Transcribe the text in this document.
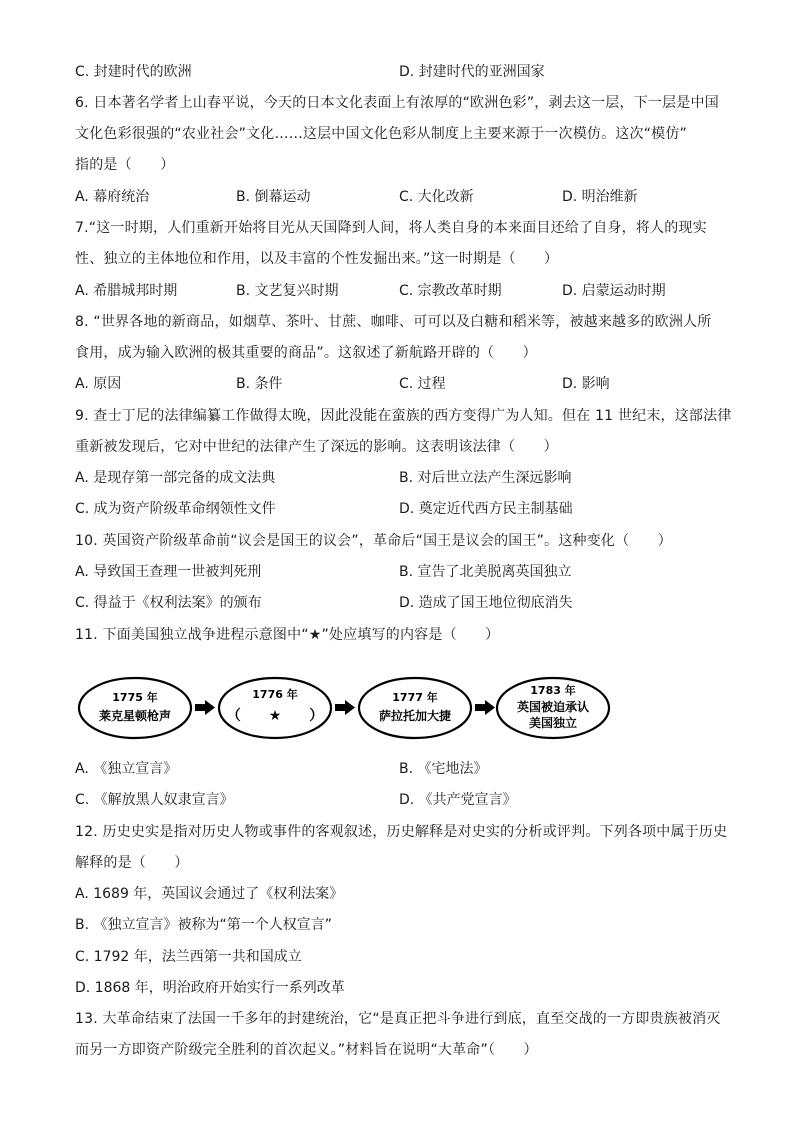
C. 封建时代的欧洲	D. 封建时代的亚洲国家
6. 日本著名学者上山春平说，今天的日本文化表面上有浓厚的“欧洲色彩”，剥去这一层，下一层是中国
文化色彩很强的“农业社会”文化……这层中国文化色彩从制度上主要来源于一次模仿。这次“模仿”
指的是（　　）
A. 幕府统治	B. 倒幕运动	C. 大化改新	D. 明治维新
7.“这一时期，人们重新开始将目光从天国降到人间，将人类自身的本来面目还给了自身，将人的现实
性、独立的主体地位和作用，以及丰富的个性发掘出来。”这一时期是（　　）
A. 希腊城邦时期	B. 文艺复兴时期	C. 宗教改革时期	D. 启蒙运动时期
8. “世界各地的新商品，如烟草、茶叶、甘蔗、咖啡、可可以及白糖和稻米等，被越来越多的欧洲人所
食用，成为输入欧洲的极其重要的商品”。这叙述了新航路开辟的（　　）
A. 原因	B. 条件	C. 过程	D. 影响
9. 查士丁尼的法律编纂工作做得太晚，因此没能在蛮族的西方变得广为人知。但在 11 世纪末，这部法律
重新被发现后，它对中世纪的法律产生了深远的影响。这表明该法律（　　）
A. 是现存第一部完备的成文法典	B. 对后世立法产生深远影响
C. 成为资产阶级革命纲领性文件	D. 奠定近代西方民主制基础
10. 英国资产阶级革命前“议会是国王的议会”，革命后“国王是议会的国王”。这种变化（　　）
A. 导致国王查理一世被判死刑	B. 宣告了北美脱离英国独立
C. 得益于《权利法案》的颁布	D. 造成了国王地位彻底消失
11. 下面美国独立战争进程示意图中“★”处应填写的内容是（　　）
1775 年
莱克星顿枪声
1776 年
（　　★　　）
1777 年
萨拉托加大捷
1783 年
英国被迫承认
美国独立
A. 《独立宣言》	B. 《宅地法》
C. 《解放黑人奴隶宣言》	D. 《共产党宣言》
12. 历史史实是指对历史人物或事件的客观叙述，历史解释是对史实的分析或评判。下列各项中属于历史
解释的是（　　）
A. 1689 年，英国议会通过了《权利法案》
B. 《独立宣言》被称为“第一个人权宣言”
C. 1792 年，法兰西第一共和国成立
D. 1868 年，明治政府开始实行一系列改革
13. 大革命结束了法国一千多年的封建统治，它“是真正把斗争进行到底，直至交战的一方即贵族被消灭
而另一方即资产阶级完全胜利的首次起义。”材料旨在说明“大革命”（　　）
